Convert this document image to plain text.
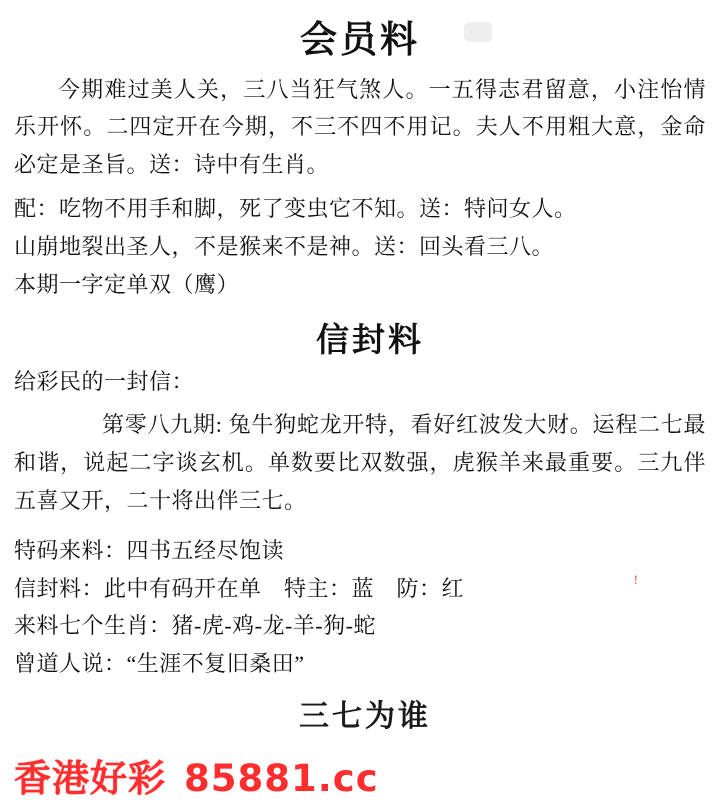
会员料
今期难过美人关，三八当狂气煞人。一五得志君留意，小注怡情乐开怀。二四定开在今期，不三不四不用记。夫人不用粗大意，金命必定是圣旨。送：诗中有生肖。
配：吃物不用手和脚，死了变虫它不知。送：特问女人。
山崩地裂出圣人，不是猴来不是神。送：回头看三八。
本期一字定单双（鹰）
信封料
给彩民的一封信：
第零八九期: 兔牛狗蛇龙开特，看好红波发大财。运程二七最和谐，说起二字谈玄机。单数要比双数强，虎猴羊来最重要。三九伴五喜又开，二十将出伴三七。
特码来料：四书五经尽饱读
信封料：此中有码开在单　特主：蓝　防：红
来料七个生肖：猪-虎-鸡-龙-羊-狗-蛇
曾道人说：“生涯不复旧桑田”
三七为谁
!
香港好彩 85881.cc
